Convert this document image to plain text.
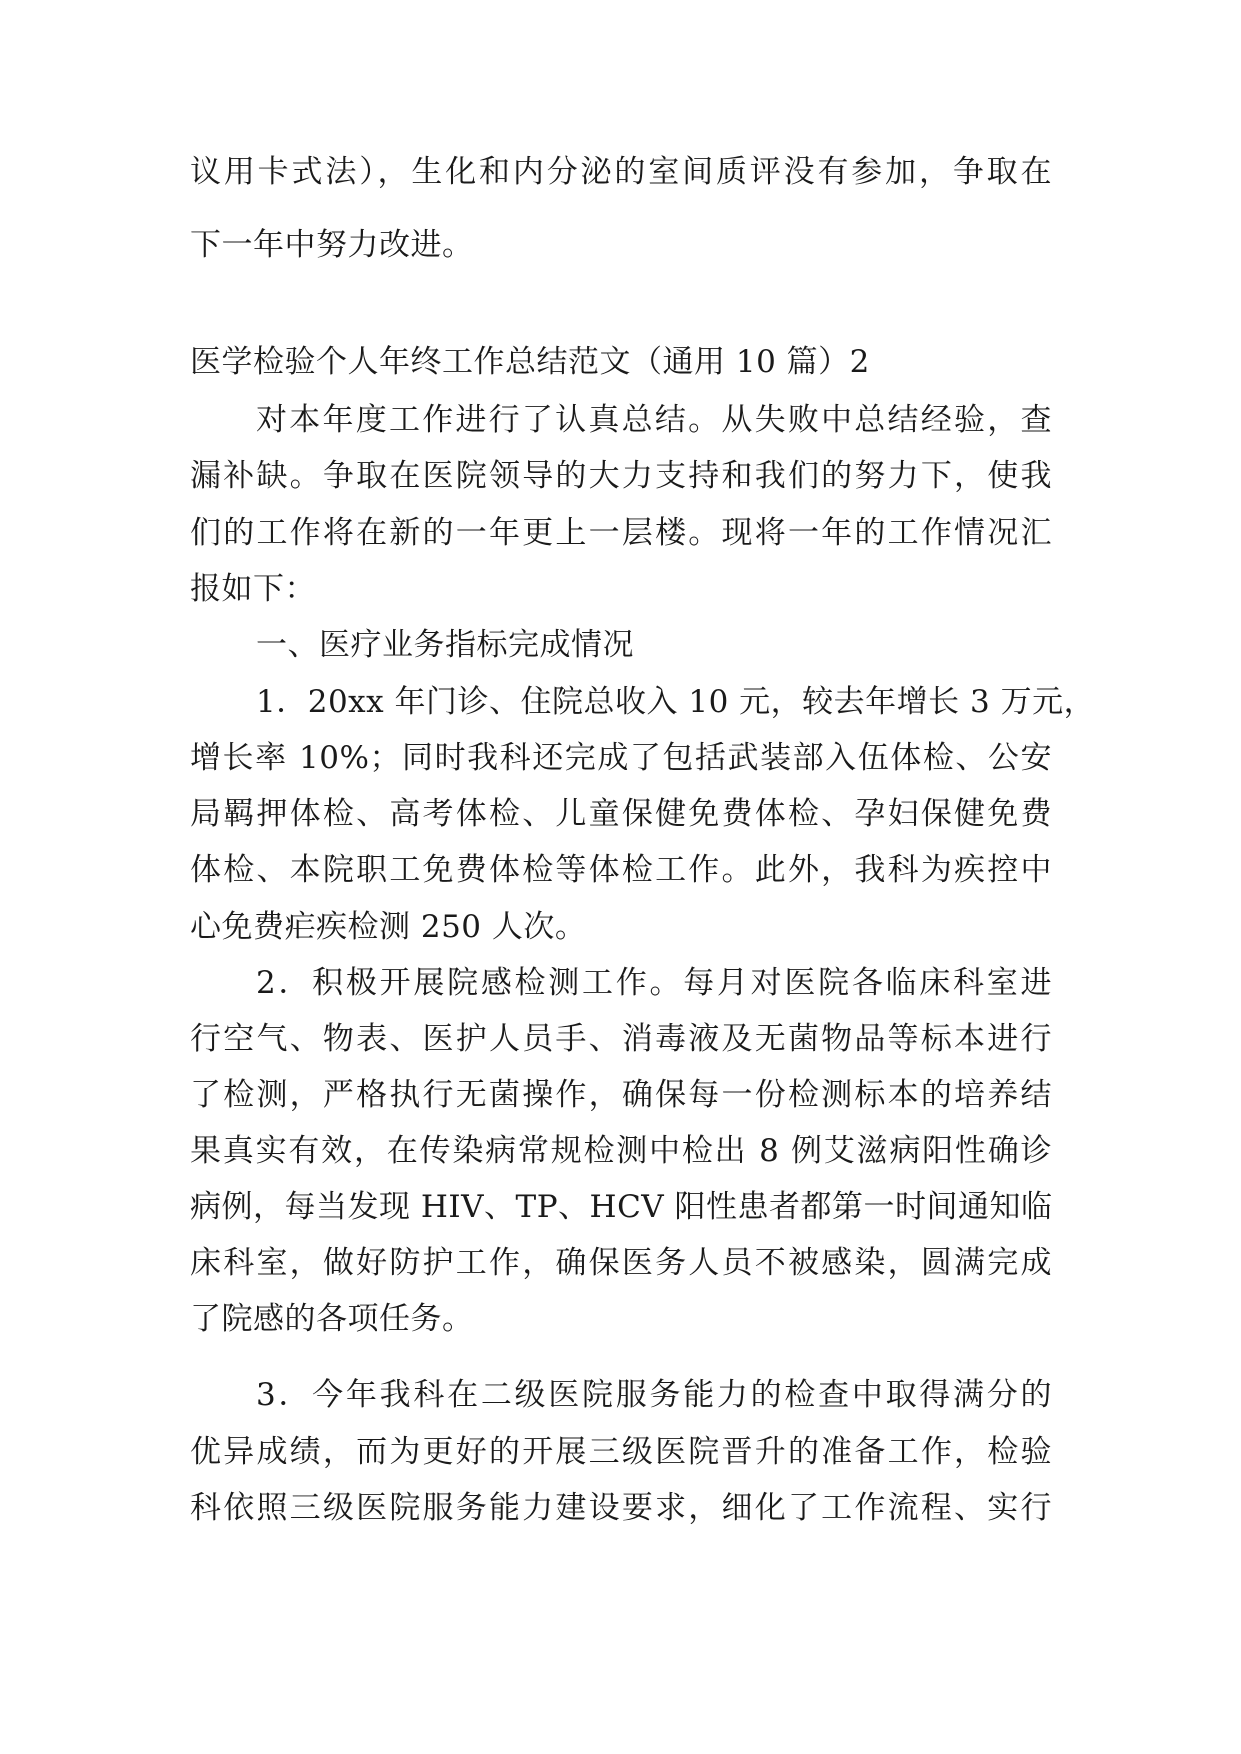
议用卡式法），生化和内分泌的室间质评没有参加，争取在
下一年中努力改进。
医学检验个人年终工作总结范文（通用 10 篇）2
对本年度工作进行了认真总结。从失败中总结经验，查
漏补缺。争取在医院领导的大力支持和我们的努力下，使我
们的工作将在新的一年更上一层楼。现将一年的工作情况汇
报如下：
一、医疗业务指标完成情况
1．20xx 年门诊、住院总收入 10 元，较去年增长 3 万元，
增长率 10%；同时我科还完成了包括武装部入伍体检、公安
局羁押体检、高考体检、儿童保健免费体检、孕妇保健免费
体检、本院职工免费体检等体检工作。此外，我科为疾控中
心免费疟疾检测 250 人次。
2．积极开展院感检测工作。每月对医院各临床科室进
行空气、物表、医护人员手、消毒液及无菌物品等标本进行
了检测，严格执行无菌操作，确保每一份检测标本的培养结
果真实有效，在传染病常规检测中检出 8 例艾滋病阳性确诊
病例，每当发现 HIV、TP、HCV 阳性患者都第一时间通知临
床科室，做好防护工作，确保医务人员不被感染，圆满完成
了院感的各项任务。
3．今年我科在二级医院服务能力的检查中取得满分的
优异成绩，而为更好的开展三级医院晋升的准备工作，检验
科依照三级医院服务能力建设要求，细化了工作流程、实行
